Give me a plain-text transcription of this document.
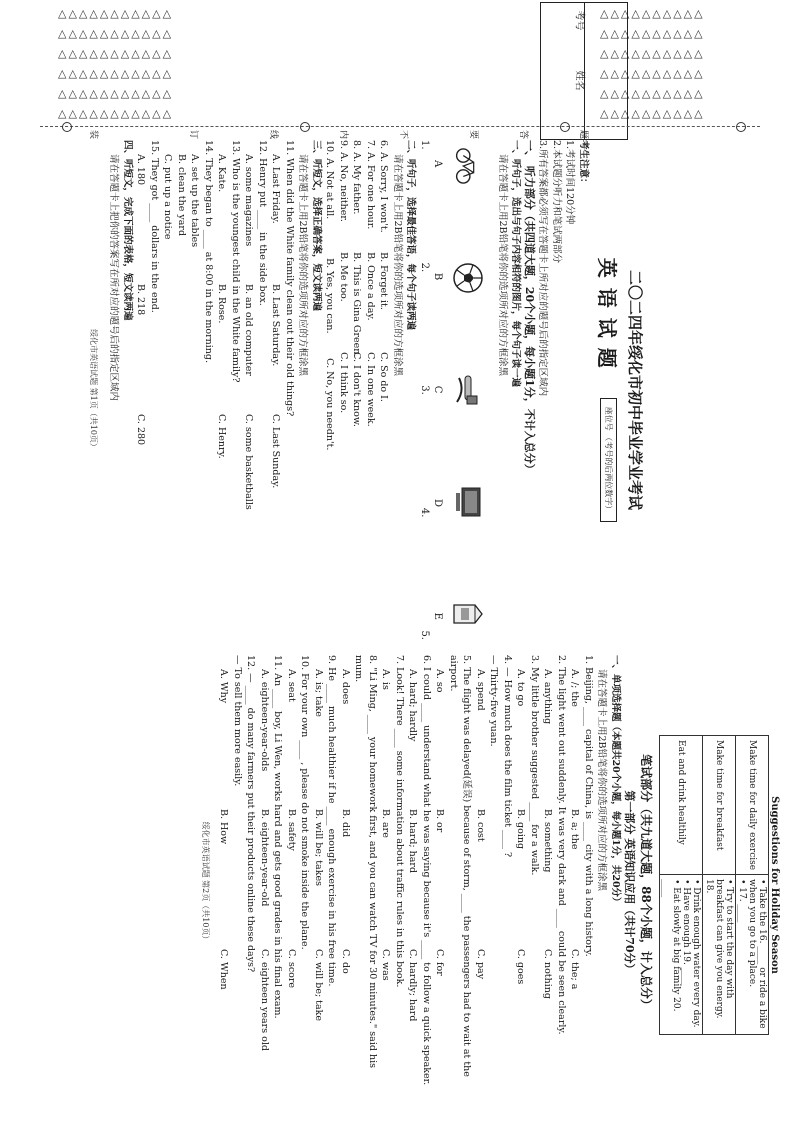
△△△△△△△△△△△
△△△△△△△△△△△
△△△△△△△△△△△
△△△△△△△△△△△
△△△△△△△△△△△
△△△△△△△△△△△
△△△△△△△△△△
△△△△△△△△△△
△△△△△△△△△△
△△△△△△△△△△
△△△△△△△△△△
△△△△△△△△△△
考号
姓名
装	订	线	内	不	要	答	题
二〇二四年绥化市初中毕业学业考试
英语试题
座位号 （考号的后两位数字）
考生注意：
1.考试时间120分钟
2.本试题分听力和笔试两部分
3.所有答案都必须写在答题卡上所对应的题号后的指定区域内
一、 听力部分（共四道大题，20个小题，每小题1分，不计入总分）
一、听句子，选出与句子内容相符的图片，每个句子读一遍
请在答题卡上用2B铅笔将你的选项所对应的方框涂黑
A
B
C
D
E
1.
2.
3.
4.
5.
二、听句子，选择最佳答语，每个句子读两遍
请在答题卡上用2B铅笔将你的选项所对应的方框涂黑
6. A. Sorry, I won't.B. Forget it.C. So do I.
7. A. For one hour.B. Once a day.C. In one week.
8. A. My father.B. This is Gina Green.C. I don't know.
9. A. No, neither.B. Me too.C. I think so.
10. A. Not at all.B. Yes, you can.C. No, you needn't.
三、听短文，选择正确答案，短文读两遍
请在答题卡上用2B铅笔将你的选项所对应的方框涂黑
11. When did the White family clean out their old things?
A. Last Friday.B. Last Saturday.C. Last Sunday.
12. Henry put ____ in the side box.
A. some magazinesB. an old computerC. some basketballs
13. Who is the youngest child in the White family?
A. Kate.B. Rose.C. Henry.
14. They began to ____ at 8:00 in the morning.
A. set up the tables
B. clean the yard
C. put up a notice
15. They got ____ dollars in the end.
A. 180B. 218C. 280
四、听短文，完成下面的表格，短文读两遍
请在答题卡上把你的答案写在所对应的题号后的指定区域内
绥化市英语试题 第1页（共10页）
Suggestions for Holiday Season
Make time for daily exercise	• Take the 16. ____ or ride a bike when you go to a place.
• 17. ____
Make time for breakfast	• Try to start the day with breakfast can give you energy. 18.
Eat and drink healthily	• Drink enough water every day.
• Have enough 19. ____
• Eat slowly at big family 20. ____
笔试部分（共九道大题，88个小题，计入总分）
第一部分 英语知识应用（共计70分）
一、单项选择题（本题共20个小题，每小题1分，共20分）
请在答题卡上用2B铅笔将你的选项所对应的方框涂黑
1. Beijing, ____ capital of China, is ____ city with a long history.
A. /; theB. a; theC. the; a
2. The light went out suddenly. It was very dark and ____ could be seen clearly.
A. anythingB. somethingC. nothing
3. My little brother suggested ____ for a walk.
A. to goB. goingC. goes
4. — How much does the film ticket ____ ?
— Thirty-five yuan.
A. spendB. costC. pay
5. The flight was delayed(延误) because of storm, ____ the passengers had to wait at the
airport.
A. soB. orC. for
6. I could ____ understand what he was saying because it's ____ to follow a quick speaker.
A. hard; hardlyB. hard; hardC. hardly; hard
7. Look! There ____ some information about traffic rules in this book.
A. isB. areC. was
8. "Li Ming, ____ your homework first, and you can watch TV for 30 minutes." said his
mum.
A. doesB. didC. do
9. He ____ much healthier if he ____ enough exercise in his free time.
A. is; takeB. will be; takesC. will be; take
10. For your own ____ , please do not smoke inside the plane.
A. seatB. safetyC. score
11. An ____ boy, Li Wen, works hard and gets good grades in his final exam.
A. eighteen-year-oldsB. eighteen-year-oldC. eighteen years old
12. — ____ do many farmers put their products online these days?
— To sell them more easily.
A. WhyB. HowC. When
绥化市英语试题 第2页（共10页）
